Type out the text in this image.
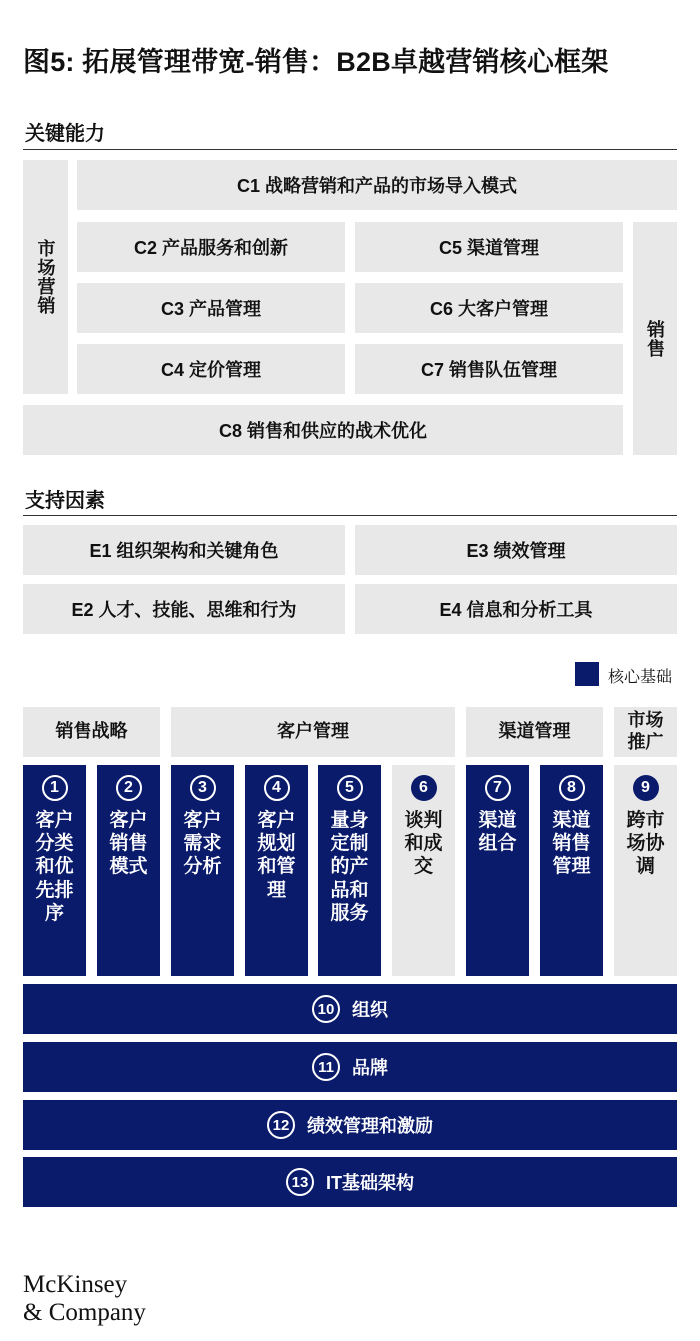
图5: 拓展管理带宽-销售：B2B卓越营销核心框架
关键能力
市场营销
C1 战略营销和产品的市场导入模式
C2 产品服务和创新	C5 渠道管理
C3 产品管理	C6 大客户管理
C4 定价管理	C7 销售队伍管理
销售
C8 销售和供应的战术优化
支持因素
E1 组织架构和关键角色	E3 绩效管理
E2 人才、技能、思维和行为	E4 信息和分析工具
核心基础
销售战略	客户管理	渠道管理
市场推广
1
客户分类和优先排序
2
客户销售模式
3
客户需求分析
4
客户规划和管理
5
量身定制的产品和服务
6
谈判和成交
7
渠道组合
8
渠道销售管理
9
跨市场协调
10 组织
11	品牌
12 绩效管理和激励
13 IT基础架构
McKinsey
& Company
